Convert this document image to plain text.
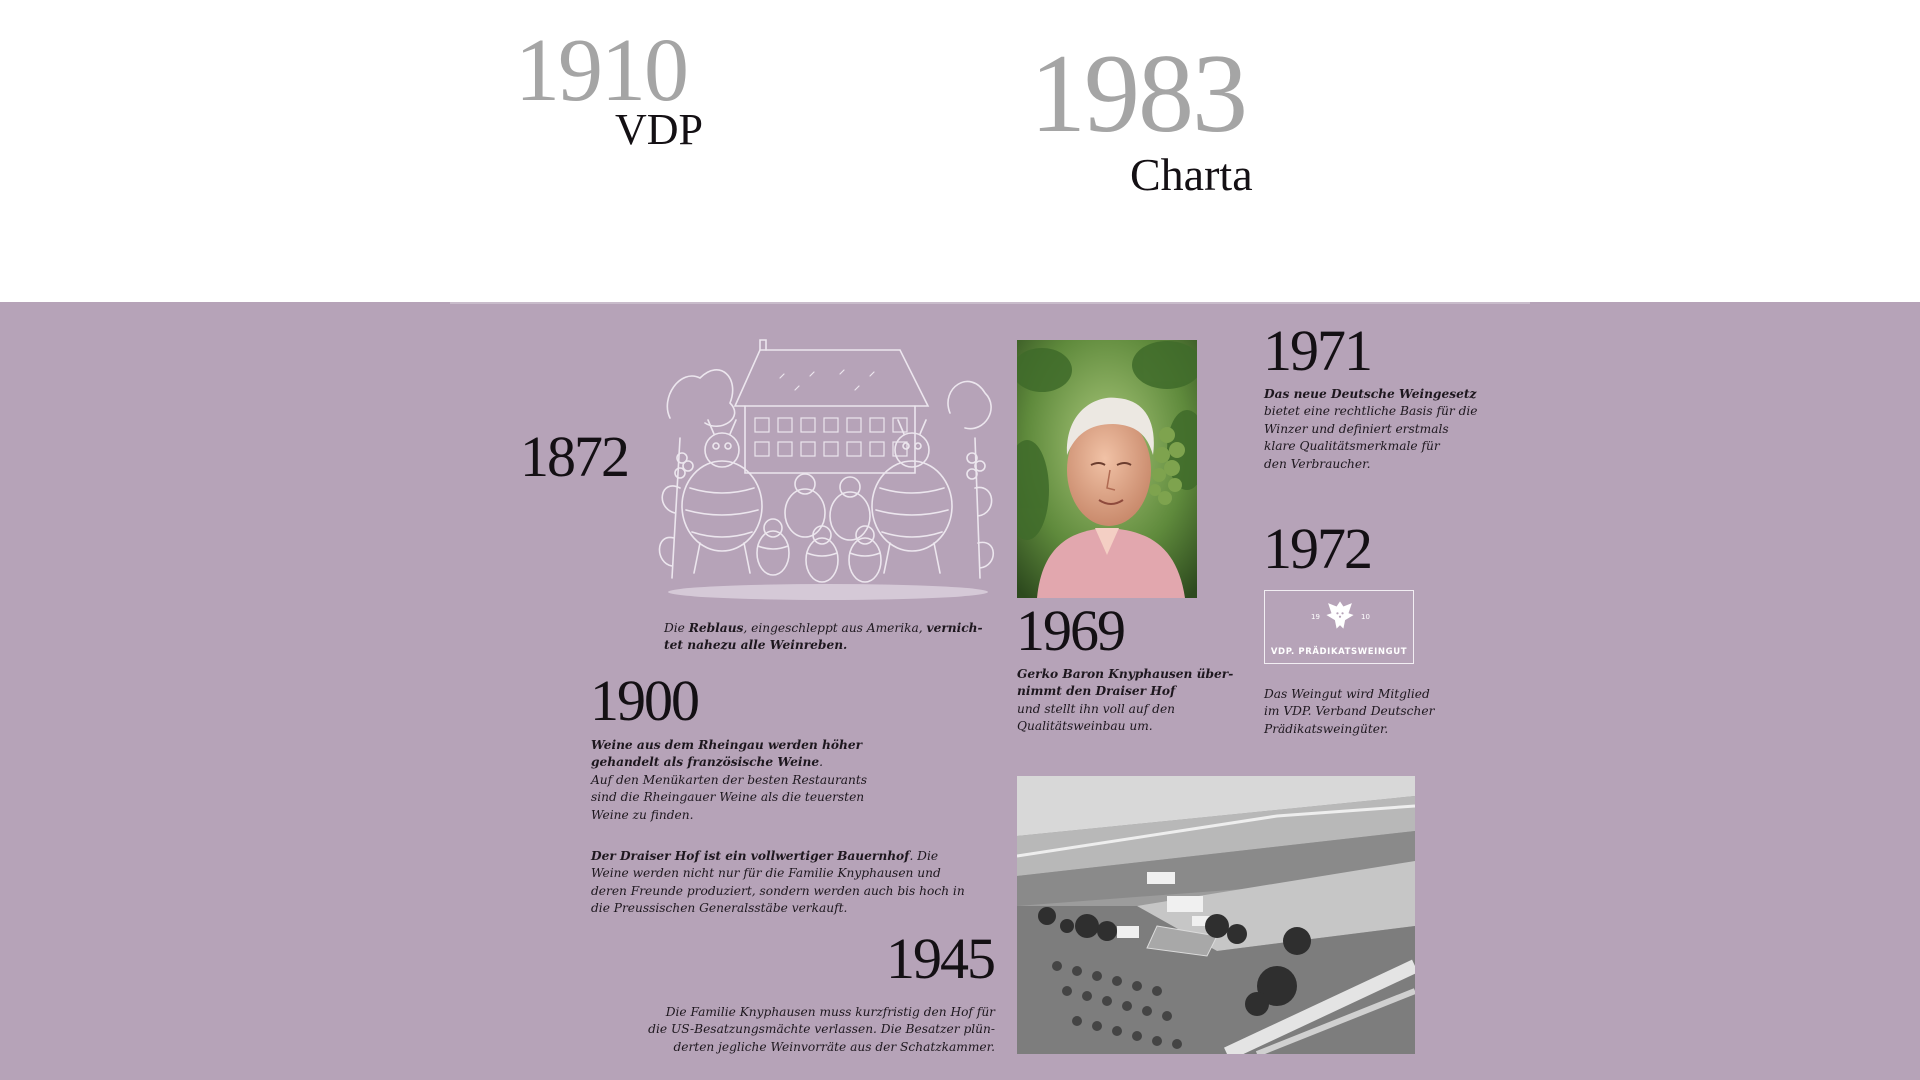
1910
VDP	1983
Charta
1872
Die Reblaus, eingeschleppt aus Amerika, vernich-
tet nahezu alle Weinreben.
1900
Weine aus dem Rheingau werden höher
gehandelt als französische Weine.
Auf den Menükarten der besten Restaurants
sind die Rheingauer Weine als die teuersten
Weine zu finden.
Der Draiser Hof ist ein vollwertiger Bauernhof. Die
Weine werden nicht nur für die Familie Knyphausen und
deren Freunde produziert, sondern werden auch bis hoch in
die Preussischen Generalsstäbe verkauft.
1945
Die Familie Knyphausen muss kurzfristig den Hof für
die US-Besatzungsmächte verlassen. Die Besatzer plün-
derten jegliche Weinvorräte aus der Schatzkammer.
1969
Gerko Baron Knyphausen über-
nimmt den Draiser Hof
und stellt ihn voll auf den
Qualitätsweinbau um.
1971
Das neue Deutsche Weingesetz
bietet eine rechtliche Basis für die
Winzer und definiert erstmals
klare Qualitätsmerkmale für
den Verbraucher.
1972
19	10
VDP. PRÄDIKATSWEINGUT
Das Weingut wird Mitglied
im VDP. Verband Deutscher
Prädikatsweingüter.
